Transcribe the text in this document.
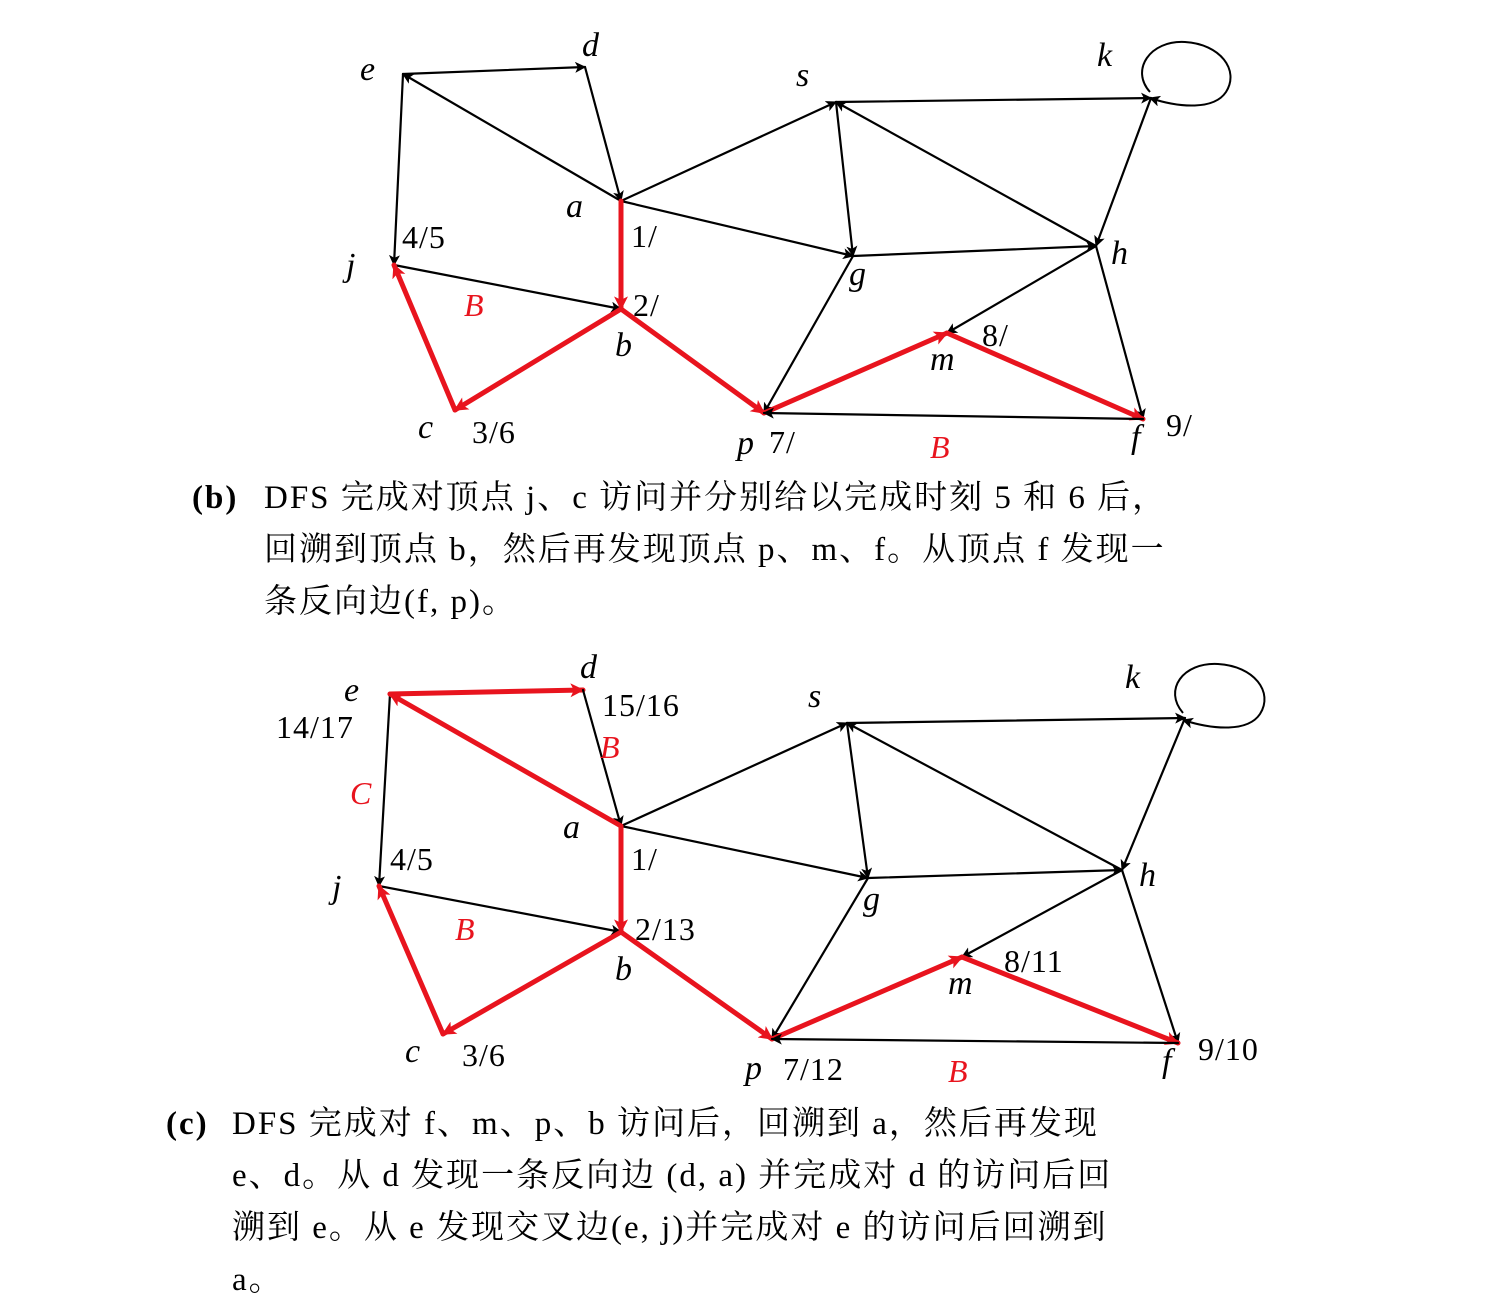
e
d
s
k
a
j
b
g
h
m
c	p	f
1/
4/5
2/
8/
3/6	7/	9/
B
B
(b) DFS 完成对顶点 j、c 访问并分别给以完成时刻 5 和 6 后，
回溯到顶点 b，然后再发现顶点 p、m、f。从顶点 f 发现一
条反向边(f, p)。
e
d
s
k
a
j
b
g
h
m
c	p	f
14/17
15/16
1/
4/5
2/13
8/11
3/6	7/12
9/10
C
B
B
B
(c) DFS 完成对 f、m、p、b 访问后，回溯到 a，然后再发现
e、d。从 d 发现一条反向边 (d, a) 并完成对 d 的访问后回
溯到 e。从 e 发现交叉边(e, j)并完成对 e 的访问后回溯到
a。
